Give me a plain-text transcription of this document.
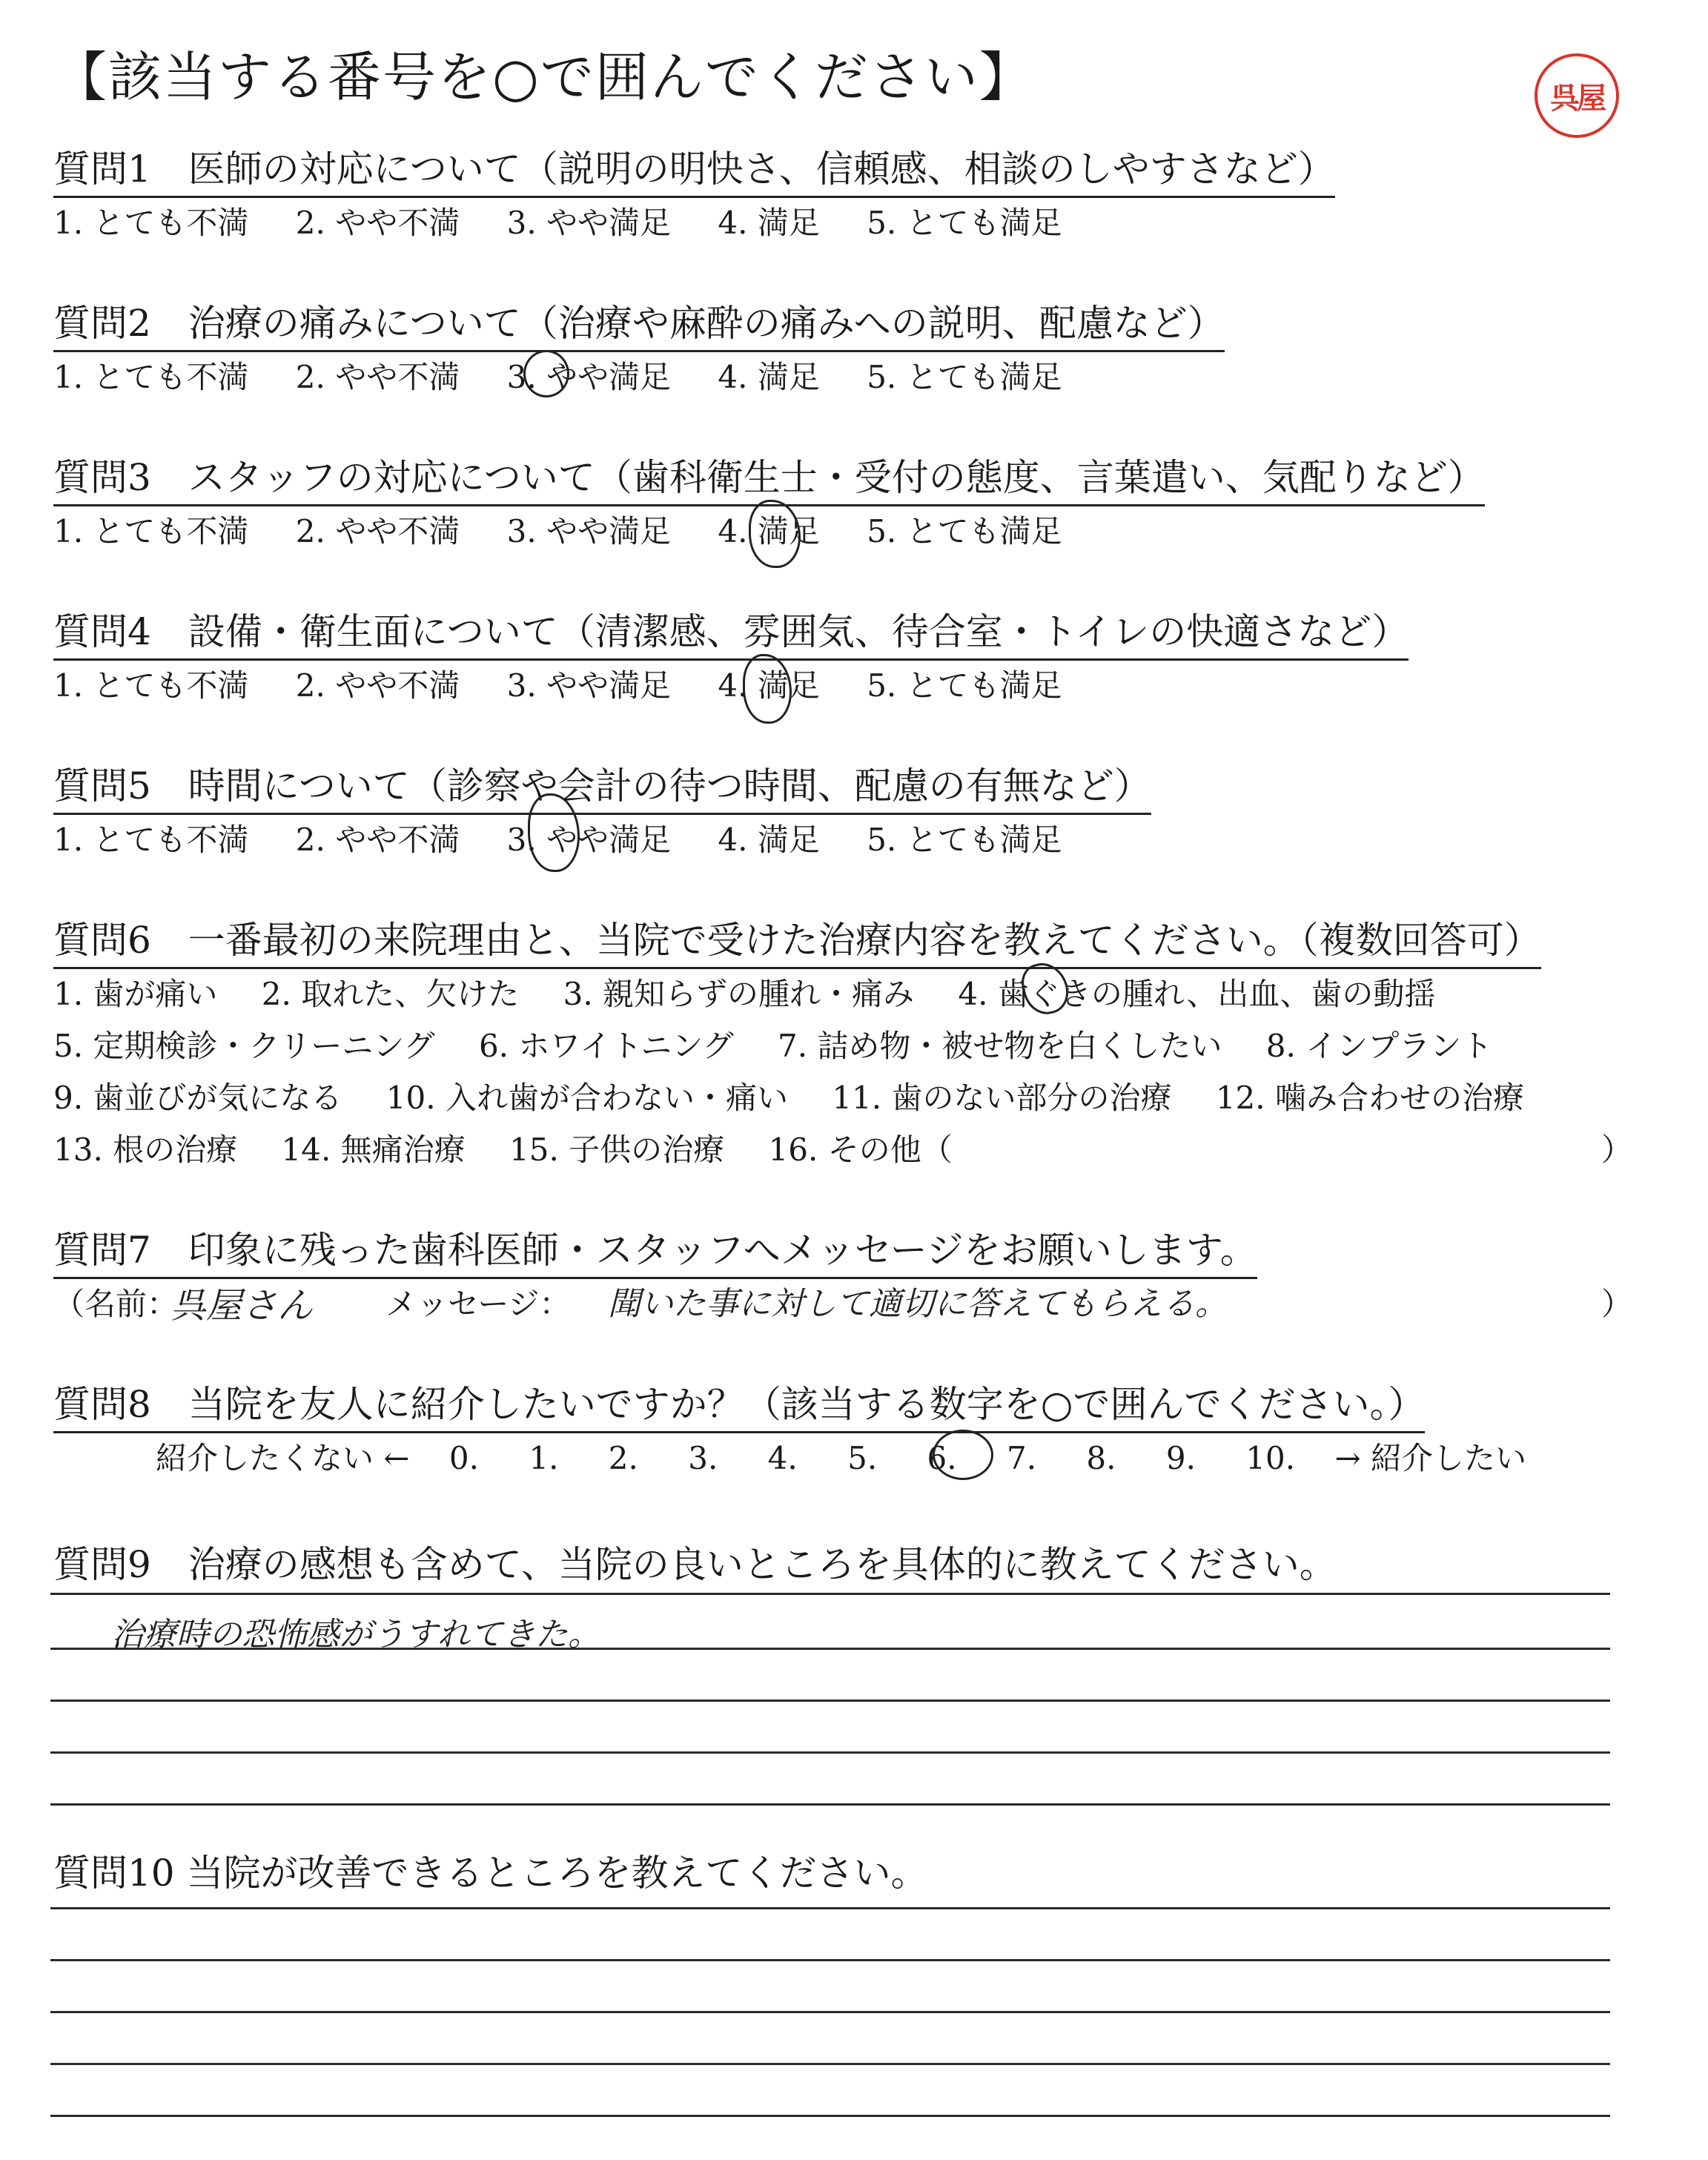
【該当する番号を○で囲んでください】	呉屋
質問1　医師の対応について（説明の明快さ、信頼感、相談のしやすさなど）
1. とても不満 2. やや不満 3. やや満足 4. 満足 5. とても満足
質問2　治療の痛みについて（治療や麻酔の痛みへの説明、配慮など）
1. とても不満 2. やや不満 3. やや満足 4. 満足 5. とても満足
質問3　スタッフの対応について（歯科衛生士・受付の態度、言葉遣い、気配りなど）
1. とても不満 2. やや不満 3. やや満足 4. 満足 5. とても満足
質問4　設備・衛生面について（清潔感、雰囲気、待合室・トイレの快適さなど）
1. とても不満 2. やや不満 3. やや満足 4. 満足 5. とても満足
質問5　時間について（診察や会計の待つ時間、配慮の有無など）
1. とても不満 2. やや不満 3. やや満足 4. 満足 5. とても満足
質問6　一番最初の来院理由と、当院で受けた治療内容を教えてください。（複数回答可）
1. 歯が痛い 2. 取れた、欠けた 3. 親知らずの腫れ・痛み 4. 歯ぐきの腫れ、出血、歯の動揺
5. 定期検診・クリーニング 6. ホワイトニング 7. 詰め物・被せ物を白くしたい 8. インプラント
9. 歯並びが気になる 10. 入れ歯が合わない・痛い 11. 歯のない部分の治療 12. 噛み合わせの治療
13. 根の治療 14. 無痛治療 15. 子供の治療 16. その他（	）
質問7　印象に残った歯科医師・スタッフへメッセージをお願いします。
（名前：
呉屋さん メッセージ： 聞いた事に対して適切に答えてもらえる。	）
質問8　当院を友人に紹介したいですか？（該当する数字を○で囲んでください。）
紹介したくない ← 0. 1. 2. 3. 4. 5. 6. 7. 8. 9. 10. → 紹介したい
質問9　治療の感想も含めて、当院の良いところを具体的に教えてください。
治療時の恐怖感がうすれてきた。
質問10 当院が改善できるところを教えてください。
